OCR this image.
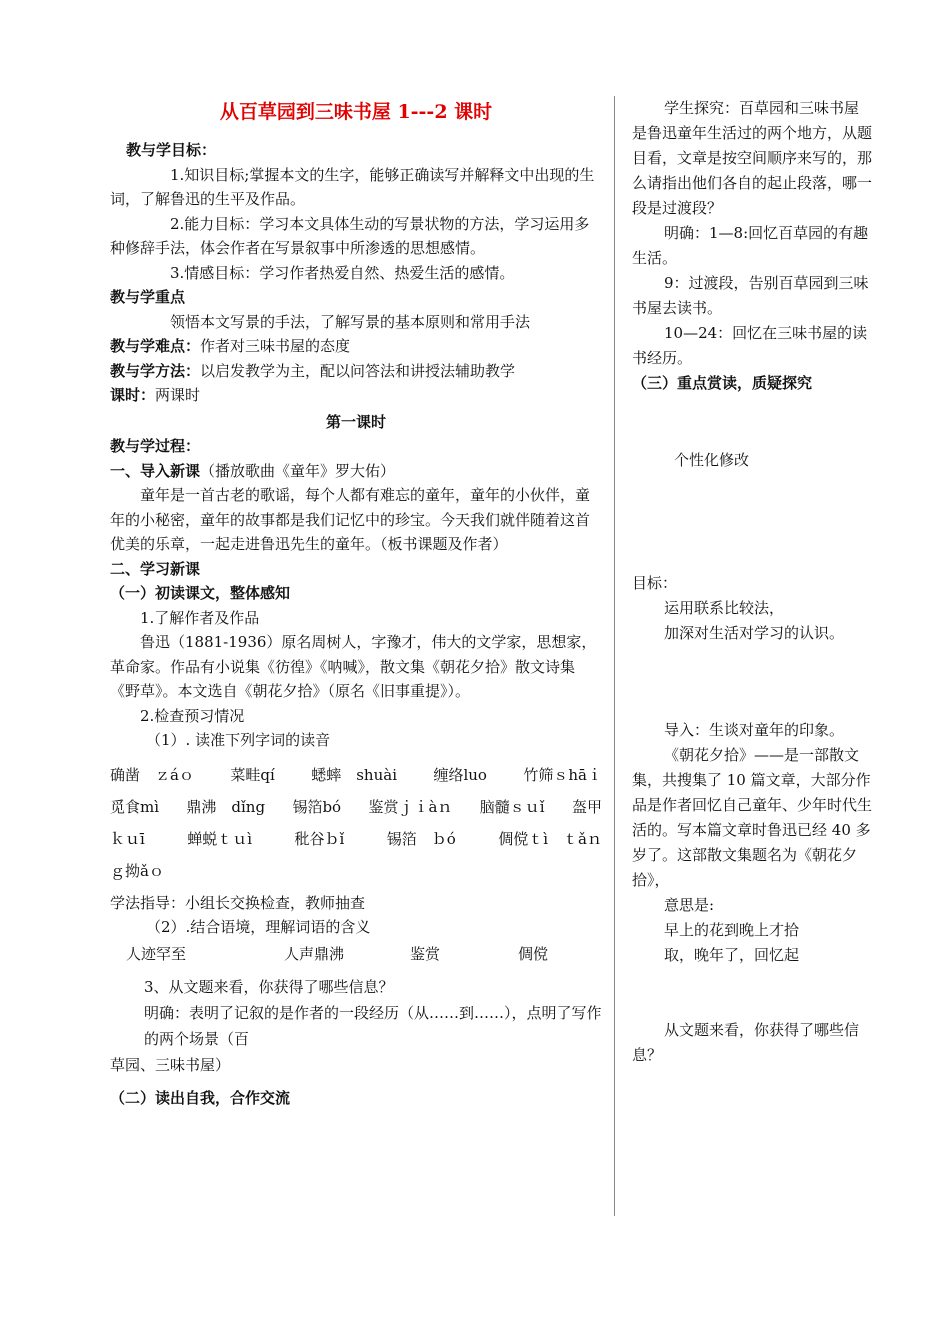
从百草园到三味书屋 1---2 课时

教与学目标：

1.知识目标;掌握本文的生字，能够正确读写并解释文中出现的生词，了解鲁迅的生平及作品。

2.能力目标：学习本文具体生动的写景状物的方法，学习运用多种修辞手法，体会作者在写景叙事中所渗透的思想感情。

3.情感目标：学习作者热爱自然、热爱生活的感情。

教与学重点

领悟本文写景的手法，了解写景的基本原则和常用手法

教与学难点：作者对三味书屋的态度

教与学方法：以启发教学为主，配以问答法和讲授法辅助教学

课时：两课时

第一课时

教与学过程：

一、导入新课（播放歌曲《童年》罗大佑）

童年是一首古老的歌谣，每个人都有难忘的童年，童年的小伙伴，童年的小秘密，童年的故事都是我们记忆中的珍宝。今天我们就伴随着这首优美的乐章，一起走进鲁迅先生的童年。（板书课题及作者）

二、学习新课

（一）初读课文，整体感知

1.了解作者及作品

鲁迅（1881-1936）原名周树人，字豫才，伟大的文学家，思想家，革命家。作品有小说集《彷徨》《呐喊》，散文集《朝花夕拾》散文诗集《野草》。本文选自《朝花夕拾》（原名《旧事重提》）。

2.检查预习情况

（1）. 读准下列字词的读音

确凿　ｚáｏ 菜畦qí 蟋蟀　shuài 缠络luo 竹筛ｓhāｉ
觅食mì 鼎沸　dǐng 锡箔bó 鉴赏ｊｉàｎ 脑髓ｓｕǐ 盔甲
ｋｕī	蝉蜕ｔｕì	秕谷ｂǐ	锡箔　ｂó	倜傥ｔì　ｔǎｎ

ｇ拗ǎｏ

学法指导：小组长交换检查，教师抽查

（2）.结合语境，理解词语的含义

人迹罕至	人声鼎沸	鉴赏	倜傥

3、从文题来看，你获得了哪些信息？

明确：表明了记叙的是作者的一段经历（从……到……），点明了写作的两个场景（百

草园、三味书屋）

（二）读出自我，合作交流

学生探究：百草园和三味书屋是鲁迅童年生活过的两个地方，从题目看，文章是按空间顺序来写的，那么请指出他们各自的起止段落，哪一段是过渡段？

明确：1—8:回忆百草园的有趣生活。

9：过渡段，告别百草园到三味书屋去读书。

10—24：回忆在三味书屋的读书经历。

（三）重点赏读，质疑探究

个性化修改

目标：

运用联系比较法，

加深对生活对学习的认识。

导入：生谈对童年的印象。

《朝花夕拾》——是一部散文集，共搜集了 10 篇文章，大部分作品是作者回忆自己童年、少年时代生活的。写本篇文章时鲁迅已经 40 多岁了。这部散文集题名为《朝花夕拾》，

意思是:

早上的花到晚上才拾

取，晚年了，回忆起

从文题来看，你获得了哪些信息？
